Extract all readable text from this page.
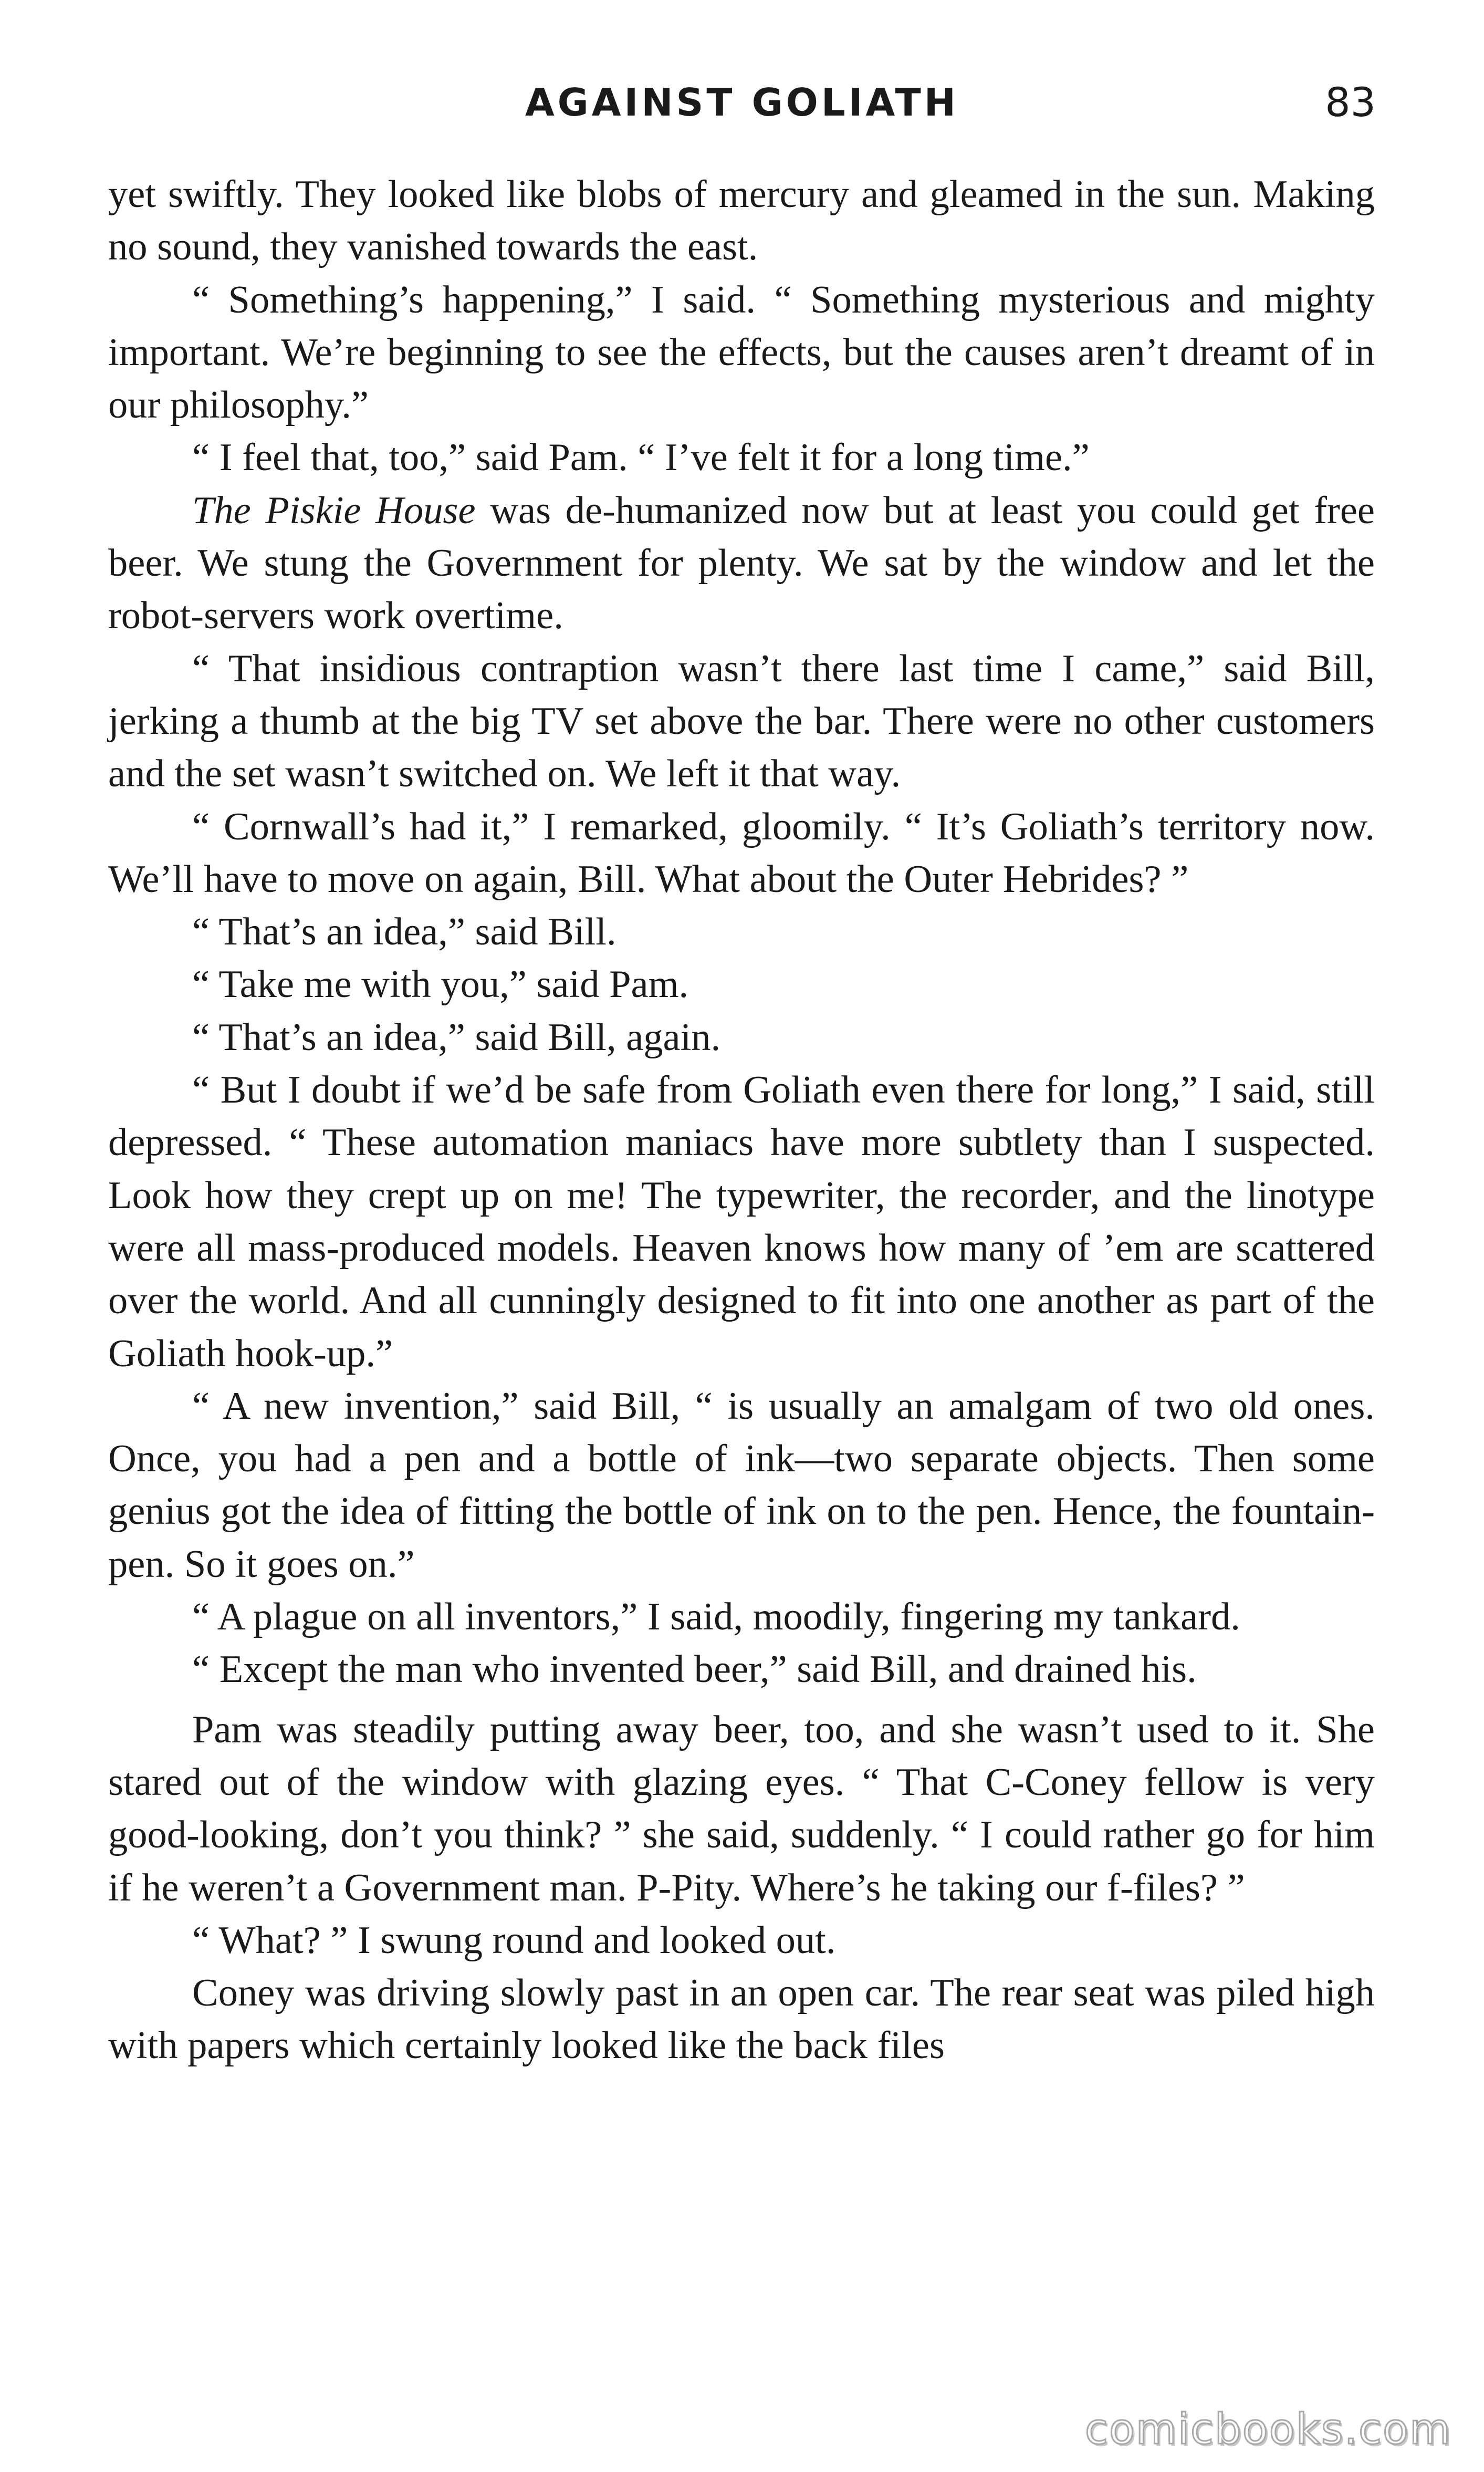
AGAINST GOLIATH	83

yet swiftly. They looked like blobs of mercury and gleamed in the sun. Making no sound, they vanished towards the east.

“ Something’s happening,” I said. “ Something mysterious and mighty important. We’re beginning to see the effects, but the causes aren’t dreamt of in our philosophy.”

“ I feel that, too,” said Pam. “ I’ve felt it for a long time.”

The Piskie House was de-humanized now but at least you could get free beer. We stung the Government for plenty. We sat by the window and let the robot-servers work overtime.

“ That insidious contraption wasn’t there last time I came,” said Bill, jerking a thumb at the big TV set above the bar. There were no other customers and the set wasn’t switched on. We left it that way.

“ Cornwall’s had it,” I remarked, gloomily. “ It’s Goliath’s territory now. We’ll have to move on again, Bill. What about the Outer Hebrides? ”

“ That’s an idea,” said Bill.

“ Take me with you,” said Pam.

“ That’s an idea,” said Bill, again.

“ But I doubt if we’d be safe from Goliath even there for long,” I said, still depressed. “ These automation maniacs have more subtlety than I suspected. Look how they crept up on me! The typewriter, the recorder, and the linotype were all mass-produced models. Heaven knows how many of ’em are scattered over the world. And all cunningly designed to fit into one another as part of the Goliath hook-up.”

“ A new invention,” said Bill, “ is usually an amalgam of two old ones. Once, you had a pen and a bottle of ink—two separate objects. Then some genius got the idea of fitting the bottle of ink on to the pen. Hence, the fountain-pen. So it goes on.”

“ A plague on all inventors,” I said, moodily, fingering my tankard.

“ Except the man who invented beer,” said Bill, and drained his.

Pam was steadily putting away beer, too, and she wasn’t used to it. She stared out of the window with glazing eyes. “ That C-Coney fellow is very good-looking, don’t you think? ” she said, suddenly. “ I could rather go for him if he weren’t a Government man. P-Pity. Where’s he taking our f-files? ”

“ What? ” I swung round and looked out.

Coney was driving slowly past in an open car. The rear seat was piled high with papers which certainly looked like the back files

comicbooks.com
